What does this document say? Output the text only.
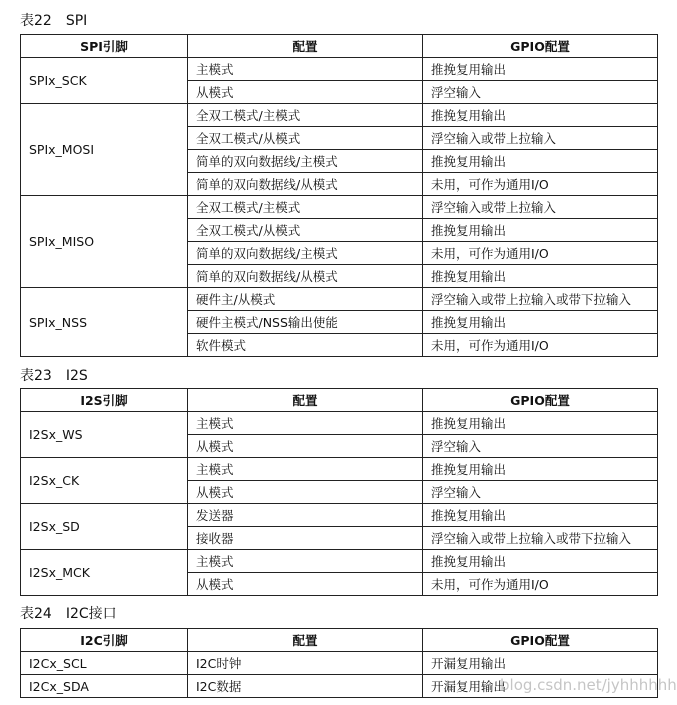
表22 SPI
SPI引脚	配置	GPIO配置
SPIx_SCK	主模式	推挽复用输出
	从模式	浮空输入
SPIx_MOSI	全双工模式/主模式	推挽复用输出
	全双工模式/从模式	浮空输入或带上拉输入
	简单的双向数据线/主模式	推挽复用输出
	简单的双向数据线/从模式	未用，可作为通用I/O
SPIx_MISO	全双工模式/主模式	浮空输入或带上拉输入
	全双工模式/从模式	推挽复用输出
	简单的双向数据线/主模式	未用，可作为通用I/O
	简单的双向数据线/从模式	推挽复用输出
SPIx_NSS	硬件主/从模式	浮空输入或带上拉输入或带下拉输入
	硬件主模式/NSS输出使能	推挽复用输出
	软件模式	未用，可作为通用I/O
表23 I2S
I2S引脚	配置	GPIO配置
I2Sx_WS	主模式	推挽复用输出
	从模式	浮空输入
I2Sx_CK	主模式	推挽复用输出
	从模式	浮空输入
I2Sx_SD	发送器	推挽复用输出
	接收器	浮空输入或带上拉输入或带下拉输入
I2Sx_MCK	主模式	推挽复用输出
	从模式	未用，可作为通用I/O
表24 I2C接口
I2C引脚	配置	GPIO配置
I2Cx_SCL	I2C时钟	开漏复用输出
I2Cx_SDA	I2C数据	开漏复用输出
blog.csdn.net/jyhhhhhh
